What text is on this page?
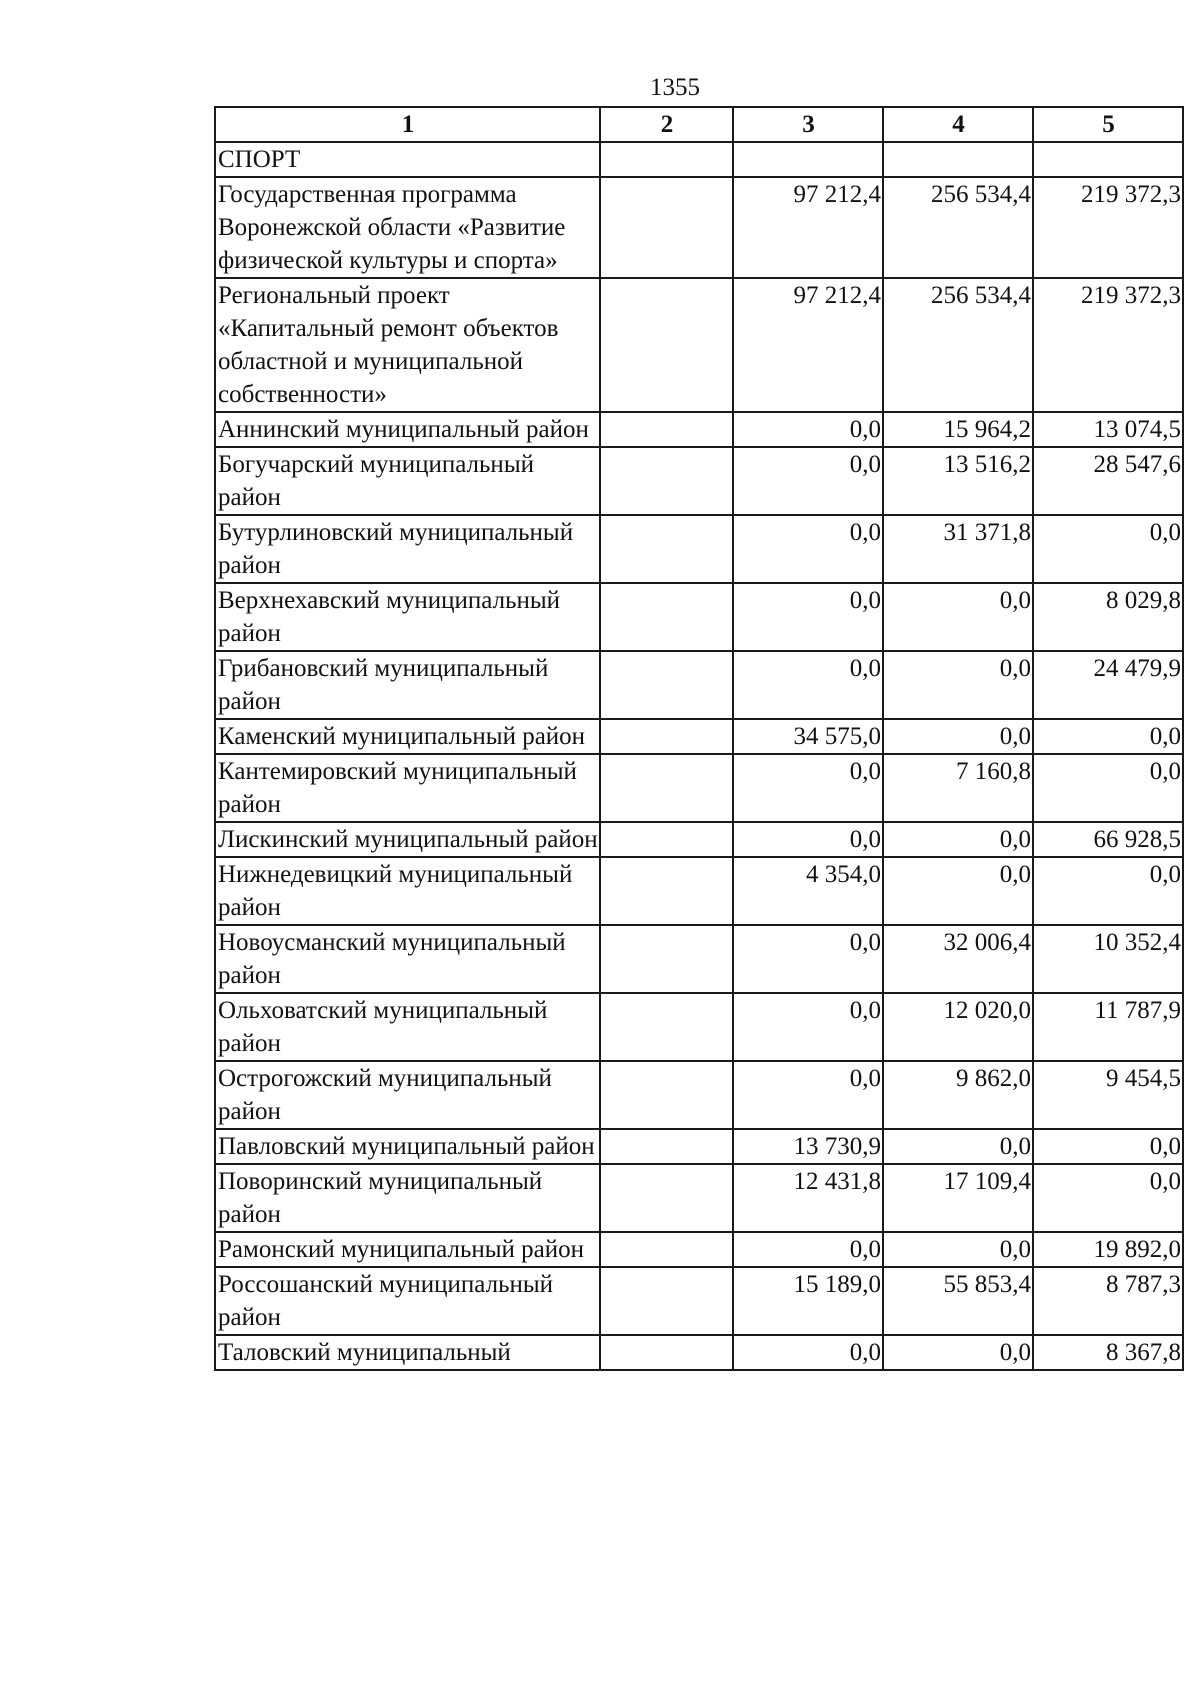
1355
1	2	3	4	5
СПОРТ				
Государственная программа Воронежской области «Развитие физической культуры и спорта»		97 212,4	256 534,4	219 372,3
Региональный проект «Капитальный ремонт объектов областной и муниципальной собственности»		97 212,4	256 534,4	219 372,3
Аннинский муниципальный район		0,0	15 964,2	13 074,5
Богучарский муниципальный район		0,0	13 516,2	28 547,6
Бутурлиновский муниципальный район		0,0	31 371,8	0,0
Верхнехавский муниципальный район		0,0	0,0	8 029,8
Грибановский муниципальный район		0,0	0,0	24 479,9
Каменский муниципальный район		34 575,0	0,0	0,0
Кантемировский муниципальный район		0,0	7 160,8	0,0
Лискинский муниципальный район		0,0	0,0	66 928,5
Нижнедевицкий муниципальный район		4 354,0	0,0	0,0
Новоусманский муниципальный район		0,0	32 006,4	10 352,4
Ольховатский муниципальный район		0,0	12 020,0	11 787,9
Острогожский муниципальный район		0,0	9 862,0	9 454,5
Павловский муниципальный район		13 730,9	0,0	0,0
Поворинский муниципальный район		12 431,8	17 109,4	0,0
Рамонский муниципальный район		0,0	0,0	19 892,0
Россошанский муниципальный район		15 189,0	55 853,4	8 787,3
Таловский муниципальный		0,0	0,0	8 367,8
